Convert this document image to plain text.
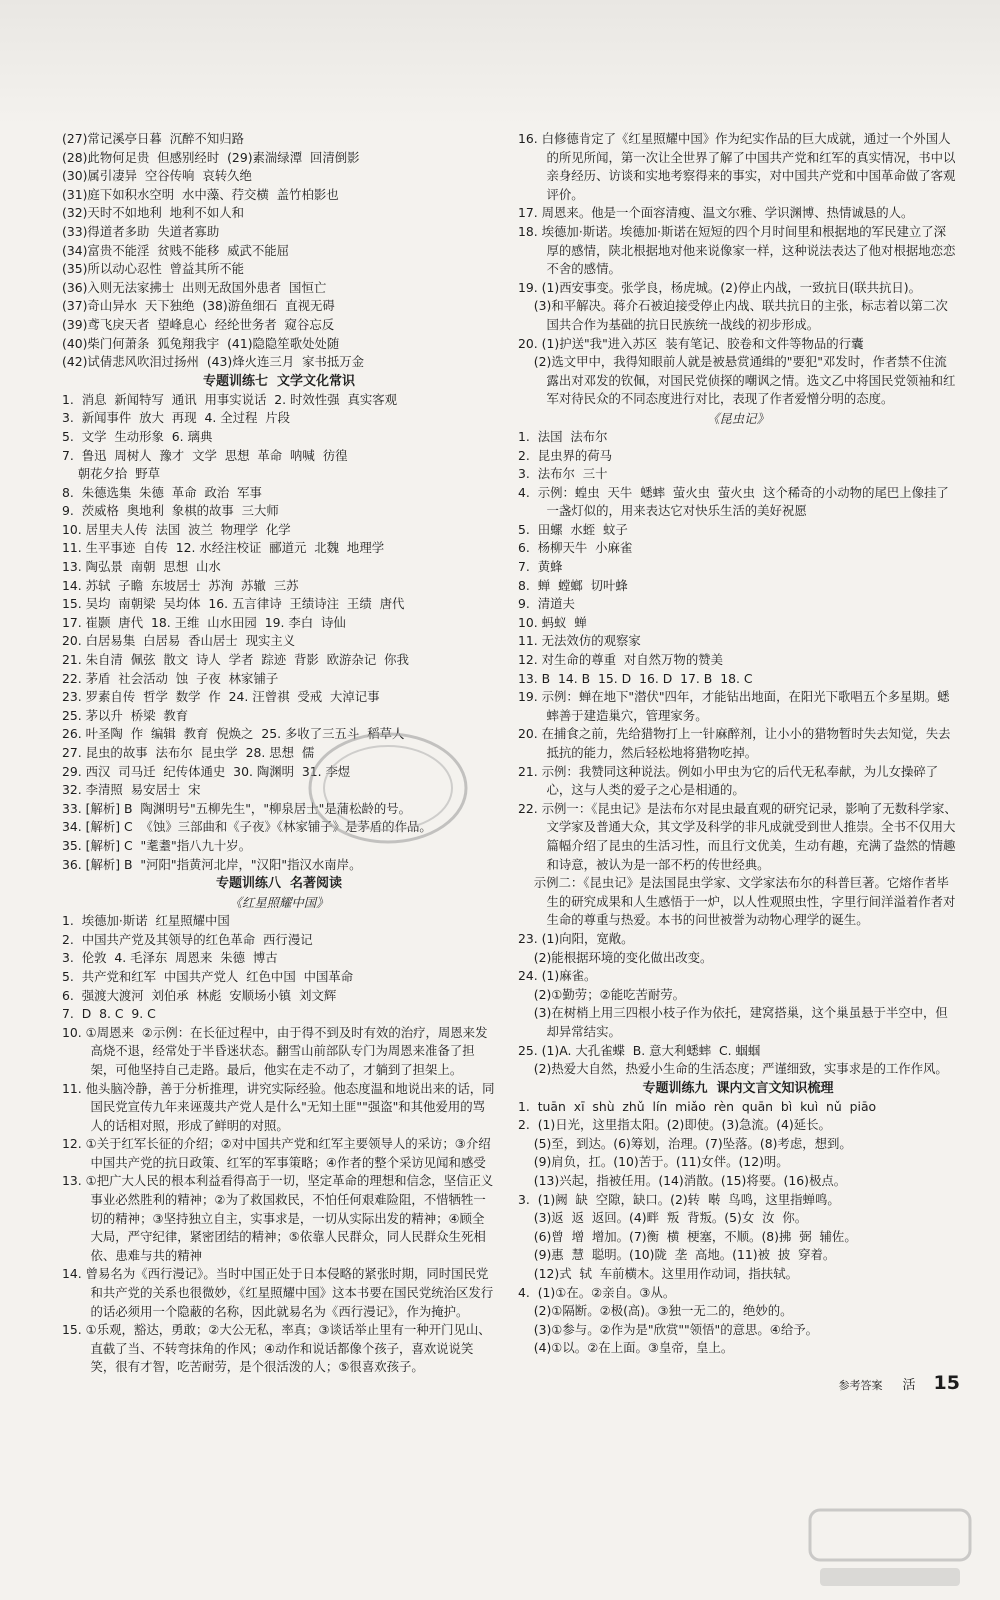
(27)常记溪亭日暮  沉醉不知归路
(28)此物何足贵  但感别经时  (29)素湍绿潭  回清倒影
(30)属引凄异  空谷传响  哀转久绝
(31)庭下如积水空明  水中藻、荇交横  盖竹柏影也
(32)天时不如地利  地利不如人和
(33)得道者多助  失道者寡助
(34)富贵不能淫  贫贱不能移  威武不能屈
(35)所以动心忍性  曾益其所不能
(36)入则无法家拂士  出则无敌国外患者  国恒亡
(37)奇山异水  天下独绝  (38)游鱼细石  直视无碍
(39)鸢飞戾天者  望峰息心  经纶世务者  窥谷忘反
(40)柴门何萧条  狐兔翔我宇  (41)隐隐笙歌处处随
(42)试倩悲风吹泪过扬州  (43)烽火连三月  家书抵万金
专题训练七  文学文化常识
1.  消息  新闻特写  通讯  用事实说话  2. 时效性强  真实客观
3.  新闻事件  放大  再现  4. 全过程  片段
5.  文学  生动形象  6. 璃典
7.  鲁迅  周树人  豫才  文学  思想  革命  呐喊  彷徨
朝花夕拾  野草
8.  朱德选集  朱德  革命  政治  军事
9.  茨威格  奥地利  象棋的故事  三大师
10. 居里夫人传  法国  波兰  物理学  化学
11. 生平事迹  自传  12. 水经注校证  郦道元  北魏  地理学
13. 陶弘景  南朝  思想  山水
14. 苏轼  子瞻  东坡居士  苏洵  苏辙  三苏
15. 吴均  南朝梁  吴均体  16. 五言律诗  王绩诗注  王绩  唐代
17. 崔颢  唐代  18. 王维  山水田园  19. 李白  诗仙
20. 白居易集  白居易  香山居士  现实主义
21. 朱自清  佩弦  散文  诗人  学者  踪迹  背影  欧游杂记  你我
22. 茅盾  社会活动  蚀  子夜  林家铺子
23. 罗素自传  哲学  数学  作  24. 汪曾祺  受戒  大淖记事
25. 茅以升  桥梁  教育
26. 叶圣陶  作  编辑  教育  倪焕之  25. 多收了三五斗  稻草人
27. 昆虫的故事  法布尔  昆虫学  28. 思想  儒
29. 西汉  司马迁  纪传体通史  30. 陶渊明  31. 李煜
32. 李清照  易安居士  宋
33. [解析] B  陶渊明号"五柳先生"，"柳泉居士"是蒲松龄的号。
34. [解析] C  《蚀》三部曲和《子夜》《林家铺子》是茅盾的作品。
35. [解析] C  "耄耋"指八九十岁。
36. [解析] B  "河阳"指黄河北岸，"汉阳"指汉水南岸。
专题训练八  名著阅读
《红星照耀中国》
1.  埃德加·斯诺  红星照耀中国
2.  中国共产党及其领导的红色革命  西行漫记
3.  伦敦  4. 毛泽东  周恩来  朱德  博古
5.  共产党和红军  中国共产党人  红色中国  中国革命
6.  强渡大渡河  刘伯承  林彪  安顺场小镇  刘文辉
7.  D  8. C  9. C
10. ①周恩来  ②示例：在长征过程中，由于得不到及时有效的治疗，周恩来发高烧不退，经常处于半昏迷状态。翻雪山前部队专门为周恩来准备了担架，可他坚持自己走路。最后，他实在走不动了，才躺到了担架上。
11. 他头脑冷静，善于分析推理，讲究实际经验。他态度温和地说出来的话，同国民党宣传九年来诬蔑共产党人是什么"无知土匪""强盗"和其他爱用的骂人的话相对照，形成了鲜明的对照。
12. ①关于红军长征的介绍；②对中国共产党和红军主要领导人的采访；③介绍中国共产党的抗日政策、红军的军事策略；④作者的整个采访见闻和感受
13. ①把广大人民的根本利益看得高于一切，坚定革命的理想和信念，坚信正义事业必然胜利的精神；②为了救国救民，不怕任何艰难险阻，不惜牺牲一切的精神；③坚持独立自主，实事求是，一切从实际出发的精神；④顾全大局，严守纪律，紧密团结的精神；⑤依靠人民群众，同人民群众生死相依、患难与共的精神
14. 曾易名为《西行漫记》。当时中国正处于日本侵略的紧张时期，同时国民党和共产党的关系也很微妙，《红星照耀中国》这本书要在国民党统治区发行的话必须用一个隐蔽的名称，因此就易名为《西行漫记》，作为掩护。
15. ①乐观，豁达，勇敢；②大公无私，率真；③谈话举止里有一种开门见山、直截了当、不转弯抹角的作风；④动作和说话都像个孩子，喜欢说说笑笑，很有才智，吃苦耐劳，是个很活泼的人；⑤很喜欢孩子。
16. 白修德肯定了《红星照耀中国》作为纪实作品的巨大成就，通过一个外国人的所见所闻，第一次让全世界了解了中国共产党和红军的真实情况，书中以亲身经历、访谈和实地考察得来的事实，对中国共产党和中国革命做了客观评价。
17. 周恩来。他是一个面容清瘦、温文尔雅、学识渊博、热情诚恳的人。
18. 埃德加·斯诺。埃德加·斯诺在短短的四个月时间里和根据地的军民建立了深厚的感情，陕北根据地对他来说像家一样，这种说法表达了他对根据地恋恋不舍的感情。
19. (1)西安事变。张学良，杨虎城。(2)停止内战，一致抗日(联共抗日)。
(3)和平解决。蒋介石被迫接受停止内战、联共抗日的主张，标志着以第二次国共合作为基础的抗日民族统一战线的初步形成。
20. (1)护送"我"进入苏区  装有笔记、胶卷和文件等物品的行囊
(2)选文甲中，我得知眼前人就是被悬赏通缉的"要犯"邓发时，作者禁不住流露出对邓发的钦佩，对国民党侦探的嘲讽之情。选文乙中将国民党领袖和红军对待民众的不同态度进行对比，表现了作者爱憎分明的态度。
《昆虫记》
1.  法国  法布尔
2.  昆虫界的荷马
3.  法布尔  三十
4.  示例：蝗虫  天牛  蟋蟀  萤火虫  萤火虫  这个稀奇的小动物的尾巴上像挂了一盏灯似的，用来表达它对快乐生活的美好祝愿
5.  田螺  水蛭  蚊子
6.  杨柳天牛  小麻雀
7.  黄蜂
8.  蝉  螳螂  切叶蜂
9.  清道夫
10. 蚂蚁  蝉
11. 无法效仿的观察家
12. 对生命的尊重  对自然万物的赞美
13. B  14. B  15. D  16. D  17. B  18. C
19. 示例：蝉在地下"潜伏"四年，才能钻出地面，在阳光下歌唱五个多星期。蟋蟀善于建造巢穴，管理家务。
20. 在捕食之前，先给猎物打上一针麻醉剂，让小小的猎物暂时失去知觉，失去抵抗的能力，然后轻松地将猎物吃掉。
21. 示例：我赞同这种说法。例如小甲虫为它的后代无私奉献，为儿女操碎了心，这与人类的爱子之心是相通的。
22. 示例一：《昆虫记》是法布尔对昆虫最直观的研究记录，影响了无数科学家、文学家及普通大众，其文学及科学的非凡成就受到世人推崇。全书不仅用大篇幅介绍了昆虫的生活习性，而且行文优美，生动有趣，充满了盎然的情趣和诗意，被认为是一部不朽的传世经典。
示例二：《昆虫记》是法国昆虫学家、文学家法布尔的科普巨著。它熔作者毕生的研究成果和人生感悟于一炉，以人性观照虫性，字里行间洋溢着作者对生命的尊重与热爱。本书的问世被誉为动物心理学的诞生。
23. (1)向阳，宽敞。
(2)能根据环境的变化做出改变。
24. (1)麻雀。
(2)①勤劳；②能吃苦耐劳。
(3)在树梢上用三四根小枝子作为依托，建窝搭巢，这个巢虽悬于半空中，但却异常结实。
25. (1)A. 大孔雀蝶  B. 意大利蟋蟀  C. 蝈蝈
(2)热爱大自然，热爱小生命的生活态度；严谨细致，实事求是的工作作风。
专题训练九  课内文言文知识梳理
1.  tuān  xī  shù  zhǔ  lín  miǎo  rèn  quān  bì  kuì  nǔ  piāo
2.  (1)日光，这里指太阳。(2)即使。(3)急流。(4)延长。
(5)至，到达。(6)筹划，治理。(7)坠落。(8)考虑，想到。
(9)肩负，扛。(10)苦于。(11)女伴。(12)明。
(13)兴起，指被任用。(14)消散。(15)将要。(16)极点。
3.  (1)阙  缺  空隙，缺口。(2)转  啭  鸟鸣，这里指蝉鸣。
(3)返  返  返回。(4)畔  叛  背叛。(5)女  汝  你。
(6)曾  增  增加。(7)衡  横  梗塞，不顺。(8)拂  弼  辅佐。
(9)惠  慧  聪明。(10)陇  垄  高地。(11)被  披  穿着。
(12)式  轼  车前横木。这里用作动词，指扶轼。
4.  (1)①在。②亲自。③从。
(2)①隔断。②极(高)。③独一无二的，绝妙的。
(3)①参与。②作为是"欣赏""领悟"的意思。④给予。
(4)①以。②在上面。③皇帝，皇上。
参考答案 活 15
